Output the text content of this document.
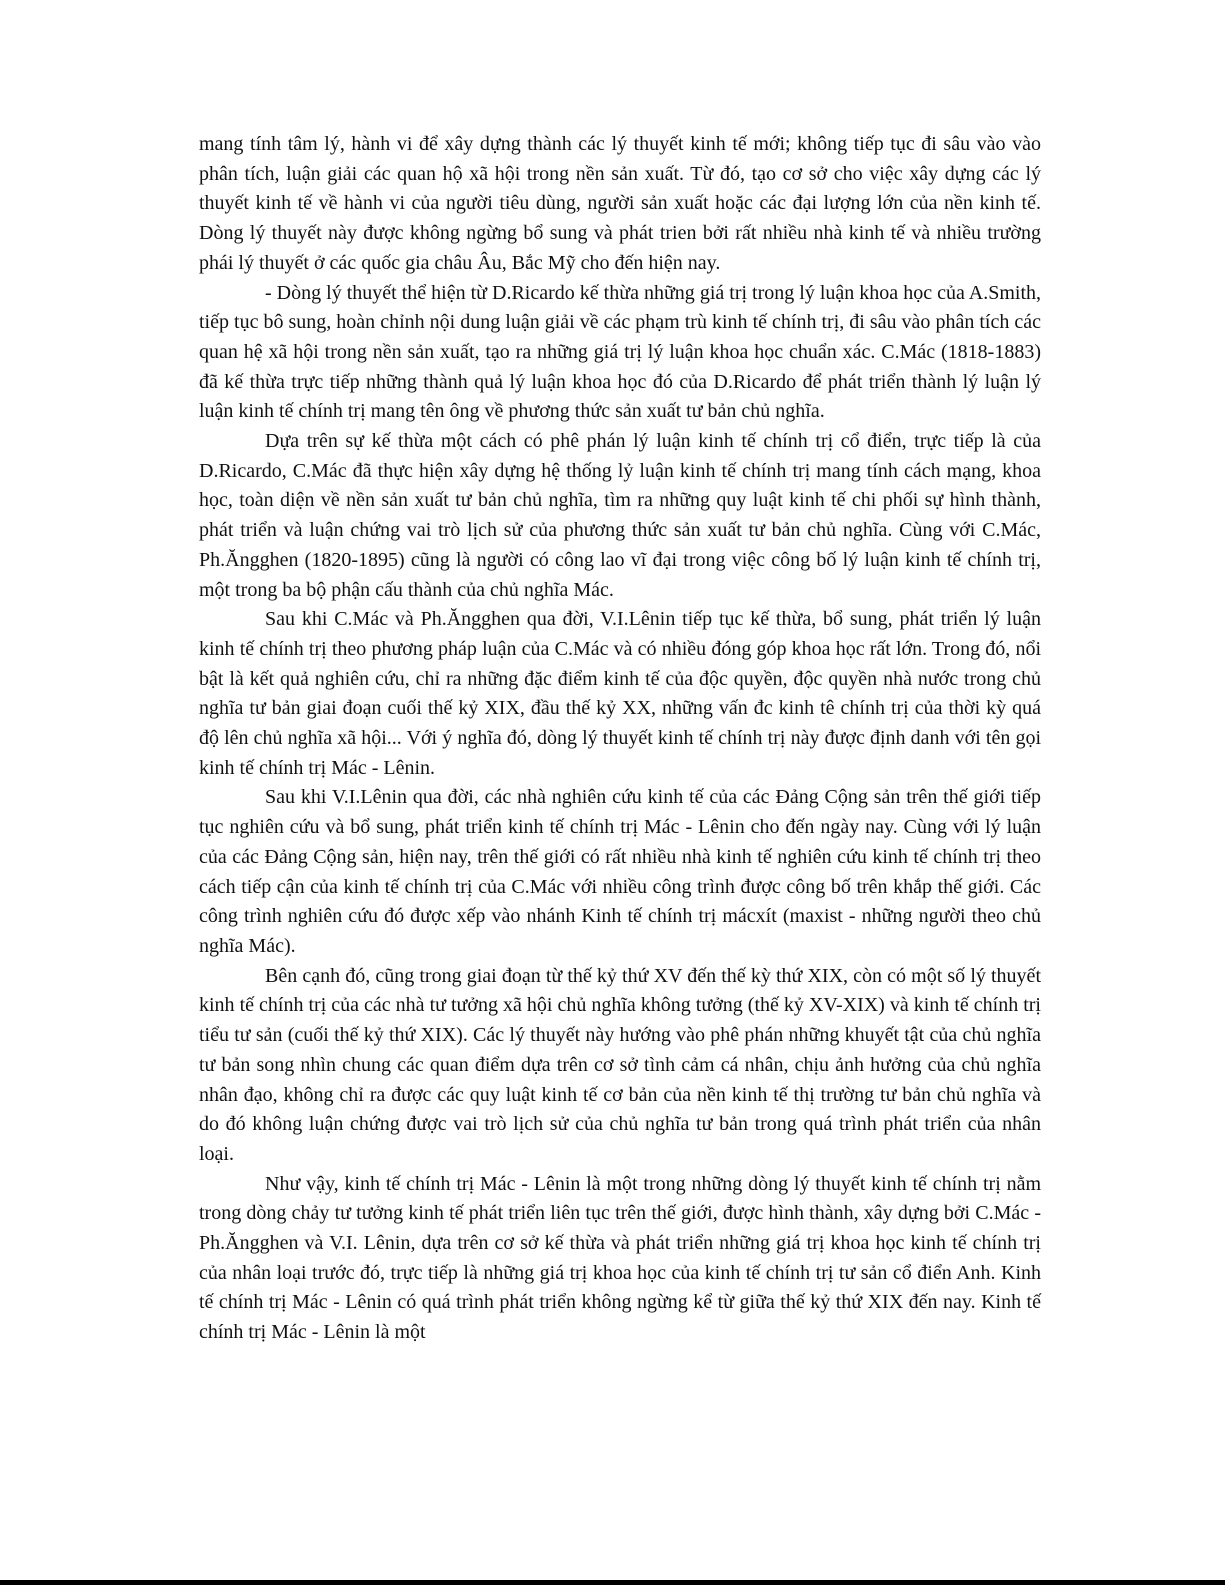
mang tính tâm lý, hành vi để xây dựng thành các lý thuyết kinh tế mới; không tiếp tục đi sâu vào vào phân tích, luận giải các quan hộ xã hội trong nền sản xuất. Từ đó, tạo cơ sở cho việc xây dựng các lý thuyết kinh tế về hành vi của người tiêu dùng, người sản xuất hoặc các đại lượng lớn của nền kinh tế. Dòng lý thuyết này được không ngừng bổ sung và phát trien bởi rất nhiều nhà kinh tế và nhiều trường phái lý thuyết ở các quốc gia châu Âu, Bắc Mỹ cho đến hiện nay.

- Dòng lý thuyết thể hiện từ D.Ricardo kế thừa những giá trị trong lý luận khoa học của A.Smith, tiếp tục bô sung, hoàn chỉnh nội dung luận giải về các phạm trù kinh tế chính trị, đi sâu vào phân tích các quan hệ xã hội trong nền sản xuất, tạo ra những giá trị lý luận khoa học chuẩn xác. C.Mác (1818-1883) đã kế thừa trực tiếp những thành quả lý luận khoa học đó của D.Ricardo để phát triển thành lý luận lý luận kinh tế chính trị mang tên ông về phương thức sản xuất tư bản chủ nghĩa.

Dựa trên sự kế thừa một cách có phê phán lý luận kinh tế chính trị cổ điển, trực tiếp là của D.Ricardo, C.Mác đã thực hiện xây dựng hệ thống lỷ luận kinh tế chính trị mang tính cách mạng, khoa học, toàn diện về nền sản xuất tư bản chủ nghĩa, tìm ra những quy luật kinh tế chi phối sự hình thành, phát triển và luận chứng vai trò lịch sử của phương thức sản xuất tư bản chủ nghĩa. Cùng với C.Mác, Ph.Ăngghen (1820-1895) cũng là người có công lao vĩ đại trong việc công bố lý luận kinh tế chính trị, một trong ba bộ phận cấu thành của chủ nghĩa Mác.

Sau khi C.Mác và Ph.Ăngghen qua đời, V.I.Lênin tiếp tục kế thừa, bổ sung, phát triển lý luận kinh tế chính trị theo phương pháp luận của C.Mác và có nhiều đóng góp khoa học rất lớn. Trong đó, nổi bật là kết quả nghiên cứu, chỉ ra những đặc điểm kinh tế của độc quyền, độc quyền nhà nước trong chủ nghĩa tư bản giai đoạn cuối thế kỷ XIX, đầu thế kỷ XX, những vấn đc kinh tê chính trị của thời kỳ quá độ lên chủ nghĩa xã hội... Với ý nghĩa đó, dòng lý thuyết kinh tế chính trị này được định danh với tên gọi kinh tế chính trị Mác - Lênin.

Sau khi V.I.Lênin qua đời, các nhà nghiên cứu kinh tế của các Đảng Cộng sản trên thế giới tiếp tục nghiên cứu và bổ sung, phát triển kinh tế chính trị Mác - Lênin cho đến ngày nay. Cùng với lý luận của các Đảng Cộng sản, hiện nay, trên thế giới có rất nhiều nhà kinh tế nghiên cứu kinh tế chính trị theo cách tiếp cận của kinh tế chính trị của C.Mác với nhiều công trình được công bố trên khắp thế giới. Các công trình nghiên cứu đó được xếp vào nhánh Kinh tế chính trị mácxít (maxist - những người theo chủ nghĩa Mác).

Bên cạnh đó, cũng trong giai đoạn từ thế kỷ thứ XV đến thế kỳ thứ XIX, còn có một số lý thuyết kinh tế chính trị của các nhà tư tưởng xã hội chủ nghĩa không tưởng (thế kỷ XV-XIX) và kinh tế chính trị tiểu tư sản (cuối thế kỷ thứ XIX). Các lý thuyết này hướng vào phê phán những khuyết tật của chủ nghĩa tư bản song nhìn chung các quan điểm dựa trên cơ sở tình cảm cá nhân, chịu ảnh hưởng của chủ nghĩa nhân đạo, không chỉ ra được các quy luật kinh tế cơ bản của nền kinh tế thị trường tư bản chủ nghĩa và do đó không luận chứng được vai trò lịch sử của chủ nghĩa tư bản trong quá trình phát triển của nhân loại.

Như vậy, kinh tế chính trị Mác - Lênin là một trong những dòng lý thuyết kinh tế chính trị nằm trong dòng chảy tư tưởng kinh tế phát triển liên tục trên thế giới, được hình thành, xây dựng bởi C.Mác - Ph.Ăngghen và V.I. Lênin, dựa trên cơ sở kế thừa và phát triển những giá trị khoa học kinh tế chính trị của nhân loại trước đó, trực tiếp là những giá trị khoa học của kinh tế chính trị tư sản cổ điển Anh. Kinh tế chính trị Mác - Lênin có quá trình phát triển không ngừng kể từ giữa thế kỷ thứ XIX đến nay. Kinh tế chính trị Mác - Lênin là một
